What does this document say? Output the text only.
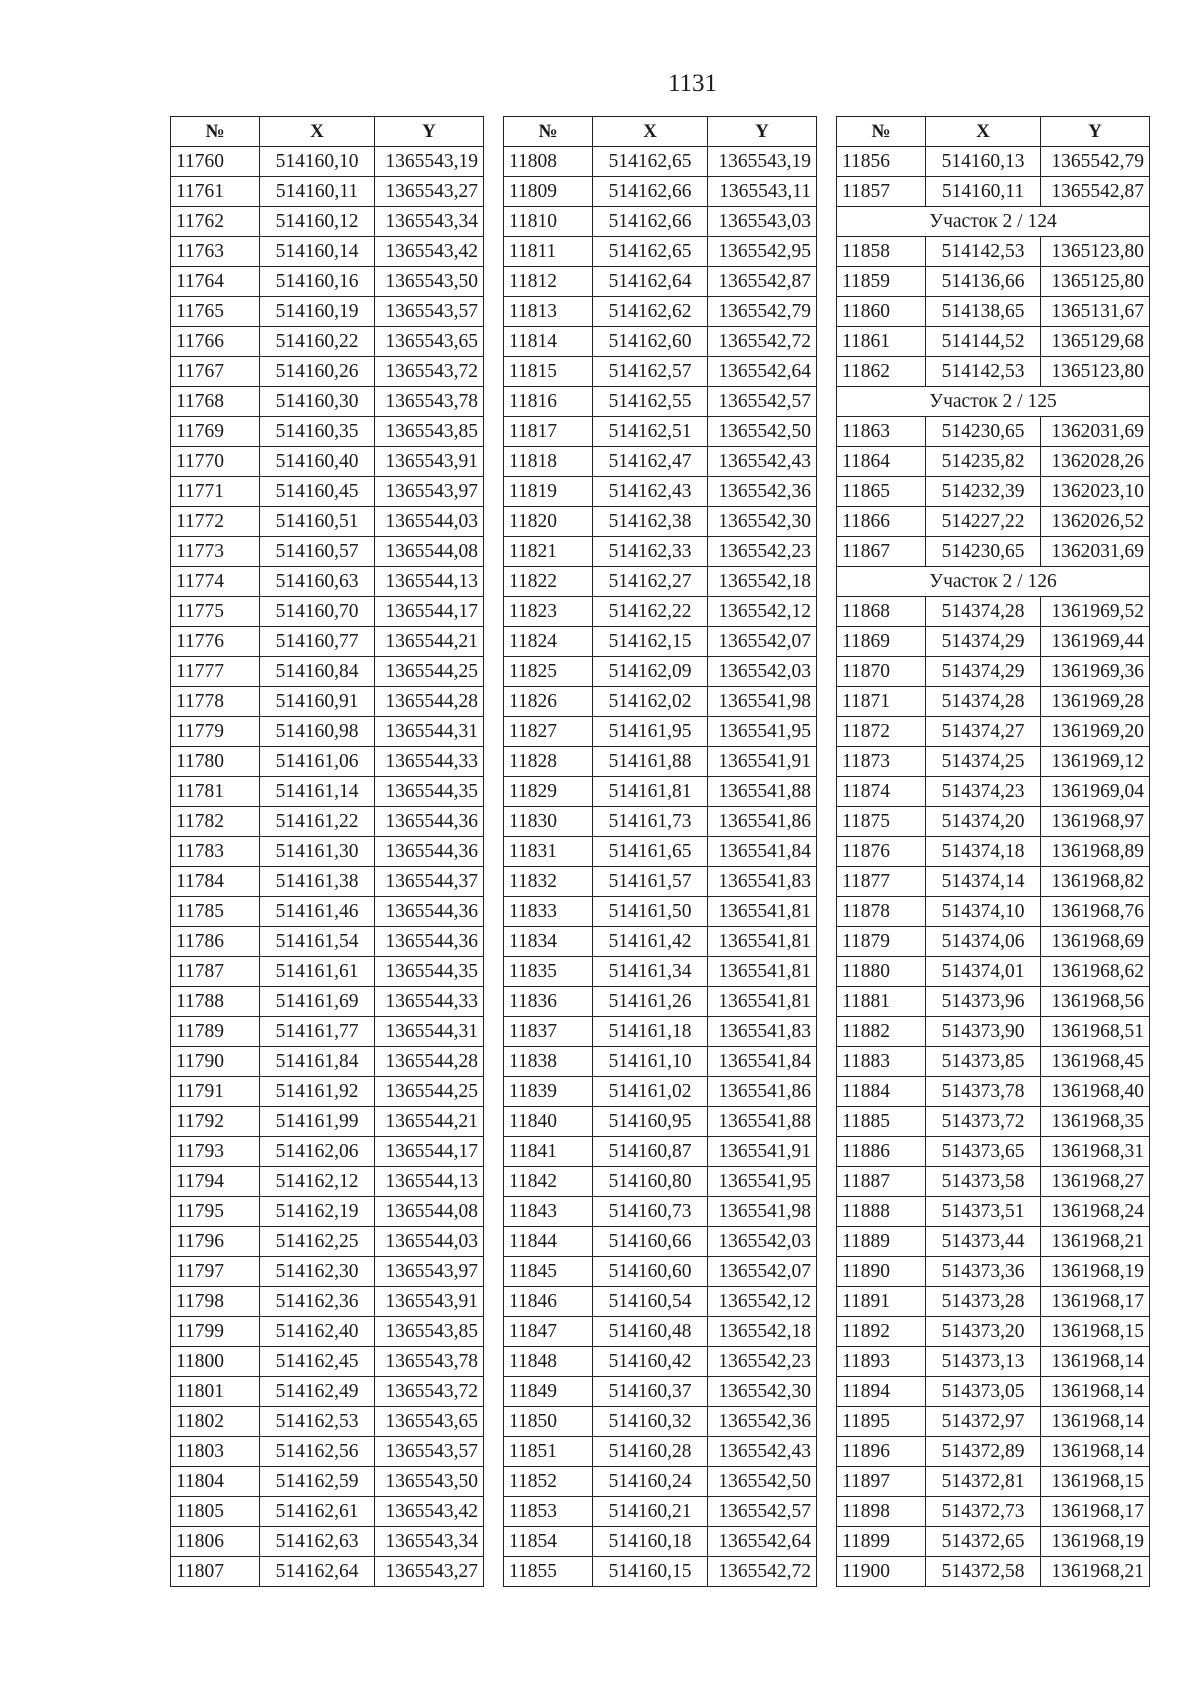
1131
№	X	Y
11760	514160,10	1365543,19
11761	514160,11	1365543,27
11762	514160,12	1365543,34
11763	514160,14	1365543,42
11764	514160,16	1365543,50
11765	514160,19	1365543,57
11766	514160,22	1365543,65
11767	514160,26	1365543,72
11768	514160,30	1365543,78
11769	514160,35	1365543,85
11770	514160,40	1365543,91
11771	514160,45	1365543,97
11772	514160,51	1365544,03
11773	514160,57	1365544,08
11774	514160,63	1365544,13
11775	514160,70	1365544,17
11776	514160,77	1365544,21
11777	514160,84	1365544,25
11778	514160,91	1365544,28
11779	514160,98	1365544,31
11780	514161,06	1365544,33
11781	514161,14	1365544,35
11782	514161,22	1365544,36
11783	514161,30	1365544,36
11784	514161,38	1365544,37
11785	514161,46	1365544,36
11786	514161,54	1365544,36
11787	514161,61	1365544,35
11788	514161,69	1365544,33
11789	514161,77	1365544,31
11790	514161,84	1365544,28
11791	514161,92	1365544,25
11792	514161,99	1365544,21
11793	514162,06	1365544,17
11794	514162,12	1365544,13
11795	514162,19	1365544,08
11796	514162,25	1365544,03
11797	514162,30	1365543,97
11798	514162,36	1365543,91
11799	514162,40	1365543,85
11800	514162,45	1365543,78
11801	514162,49	1365543,72
11802	514162,53	1365543,65
11803	514162,56	1365543,57
11804	514162,59	1365543,50
11805	514162,61	1365543,42
11806	514162,63	1365543,34
11807	514162,64	1365543,27
№	X	Y
11808	514162,65	1365543,19
11809	514162,66	1365543,11
11810	514162,66	1365543,03
11811	514162,65	1365542,95
11812	514162,64	1365542,87
11813	514162,62	1365542,79
11814	514162,60	1365542,72
11815	514162,57	1365542,64
11816	514162,55	1365542,57
11817	514162,51	1365542,50
11818	514162,47	1365542,43
11819	514162,43	1365542,36
11820	514162,38	1365542,30
11821	514162,33	1365542,23
11822	514162,27	1365542,18
11823	514162,22	1365542,12
11824	514162,15	1365542,07
11825	514162,09	1365542,03
11826	514162,02	1365541,98
11827	514161,95	1365541,95
11828	514161,88	1365541,91
11829	514161,81	1365541,88
11830	514161,73	1365541,86
11831	514161,65	1365541,84
11832	514161,57	1365541,83
11833	514161,50	1365541,81
11834	514161,42	1365541,81
11835	514161,34	1365541,81
11836	514161,26	1365541,81
11837	514161,18	1365541,83
11838	514161,10	1365541,84
11839	514161,02	1365541,86
11840	514160,95	1365541,88
11841	514160,87	1365541,91
11842	514160,80	1365541,95
11843	514160,73	1365541,98
11844	514160,66	1365542,03
11845	514160,60	1365542,07
11846	514160,54	1365542,12
11847	514160,48	1365542,18
11848	514160,42	1365542,23
11849	514160,37	1365542,30
11850	514160,32	1365542,36
11851	514160,28	1365542,43
11852	514160,24	1365542,50
11853	514160,21	1365542,57
11854	514160,18	1365542,64
11855	514160,15	1365542,72
№	X	Y
11856	514160,13	1365542,79
11857	514160,11	1365542,87
Участок 2 / 124		
11858	514142,53	1365123,80
11859	514136,66	1365125,80
11860	514138,65	1365131,67
11861	514144,52	1365129,68
11862	514142,53	1365123,80
Участок 2 / 125		
11863	514230,65	1362031,69
11864	514235,82	1362028,26
11865	514232,39	1362023,10
11866	514227,22	1362026,52
11867	514230,65	1362031,69
Участок 2 / 126		
11868	514374,28	1361969,52
11869	514374,29	1361969,44
11870	514374,29	1361969,36
11871	514374,28	1361969,28
11872	514374,27	1361969,20
11873	514374,25	1361969,12
11874	514374,23	1361969,04
11875	514374,20	1361968,97
11876	514374,18	1361968,89
11877	514374,14	1361968,82
11878	514374,10	1361968,76
11879	514374,06	1361968,69
11880	514374,01	1361968,62
11881	514373,96	1361968,56
11882	514373,90	1361968,51
11883	514373,85	1361968,45
11884	514373,78	1361968,40
11885	514373,72	1361968,35
11886	514373,65	1361968,31
11887	514373,58	1361968,27
11888	514373,51	1361968,24
11889	514373,44	1361968,21
11890	514373,36	1361968,19
11891	514373,28	1361968,17
11892	514373,20	1361968,15
11893	514373,13	1361968,14
11894	514373,05	1361968,14
11895	514372,97	1361968,14
11896	514372,89	1361968,14
11897	514372,81	1361968,15
11898	514372,73	1361968,17
11899	514372,65	1361968,19
11900	514372,58	1361968,21
